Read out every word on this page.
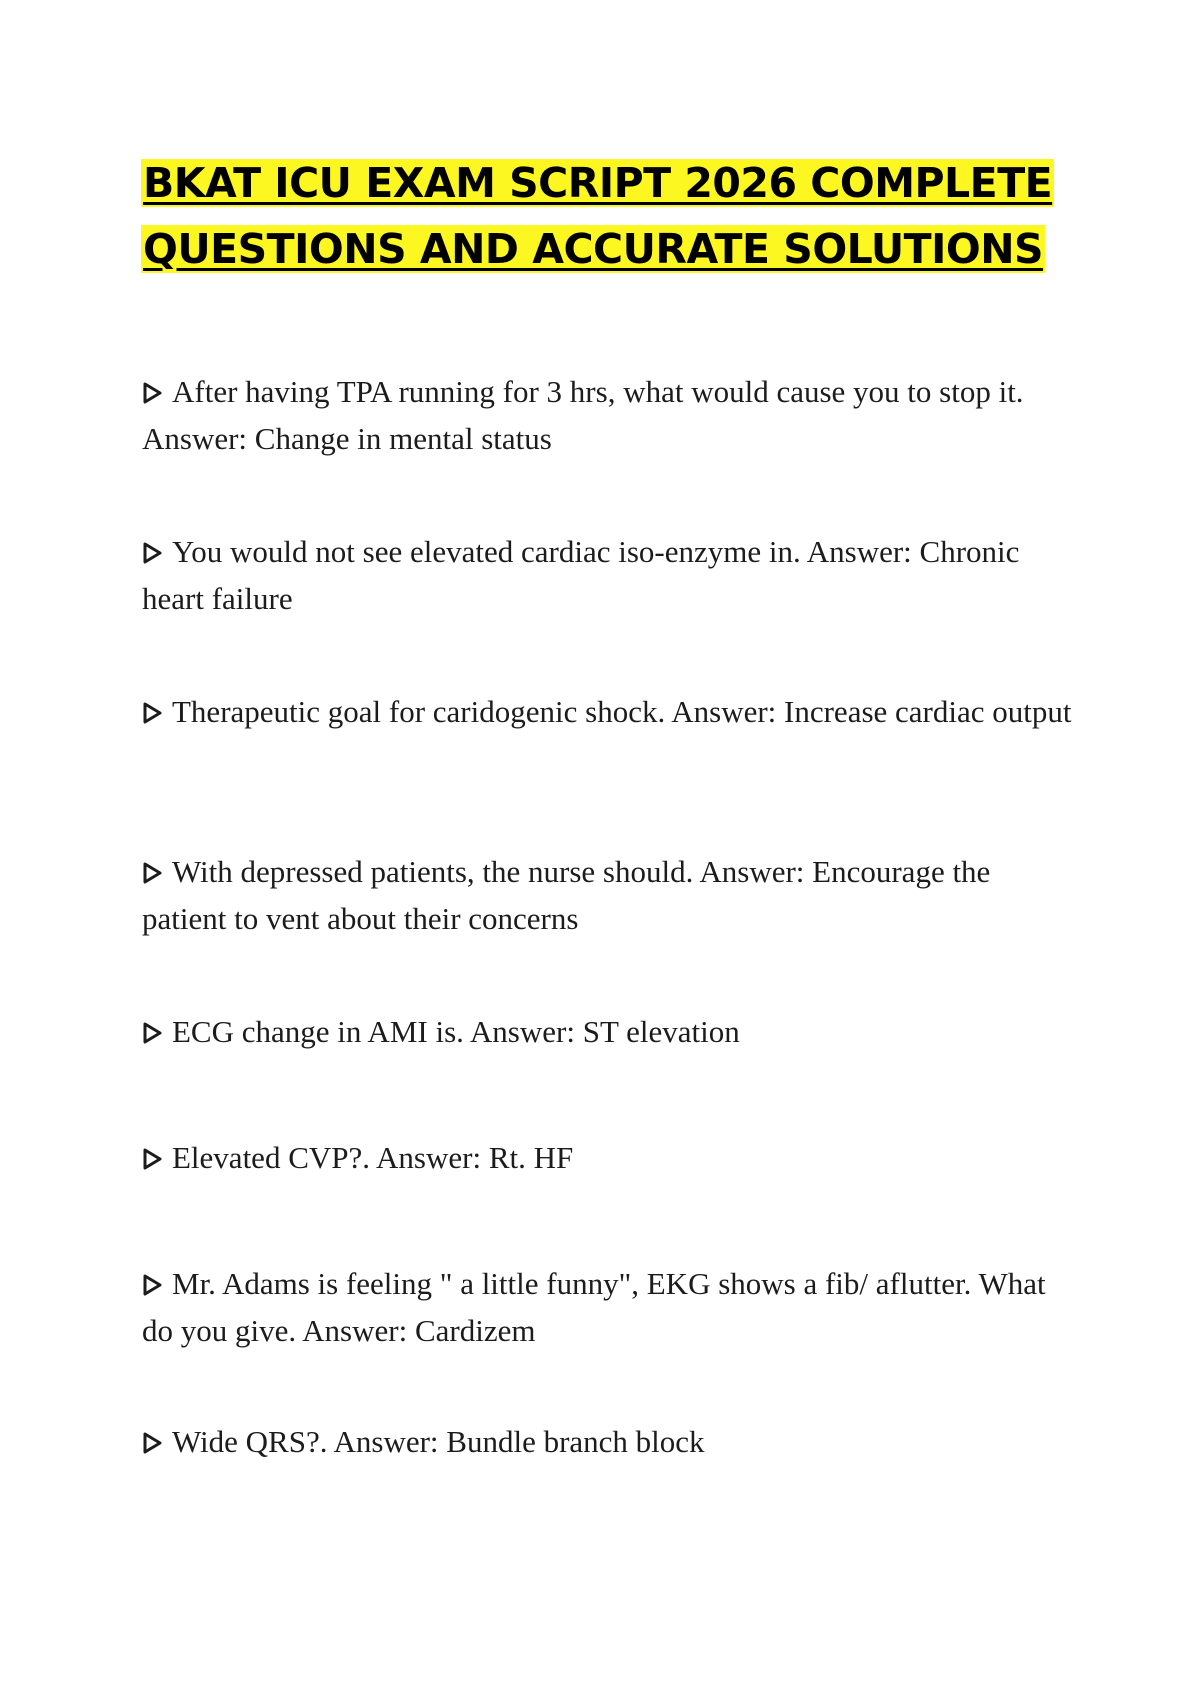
BKAT ICU EXAM SCRIPT 2026 COMPLETE
QUESTIONS AND ACCURATE SOLUTIONS
After having TPA running for 3 hrs, what would cause you to stop it. Answer: Change in mental status
You would not see elevated cardiac iso-enzyme in. Answer: Chronic heart failure
Therapeutic goal for caridogenic shock. Answer: Increase cardiac output
With depressed patients, the nurse should. Answer: Encourage the patient to vent about their concerns
ECG change in AMI is. Answer: ST elevation
Elevated CVP?. Answer: Rt. HF
Mr. Adams is feeling " a little funny", EKG shows a fib/ aflutter. What do you give. Answer: Cardizem
Wide QRS?. Answer: Bundle branch block
